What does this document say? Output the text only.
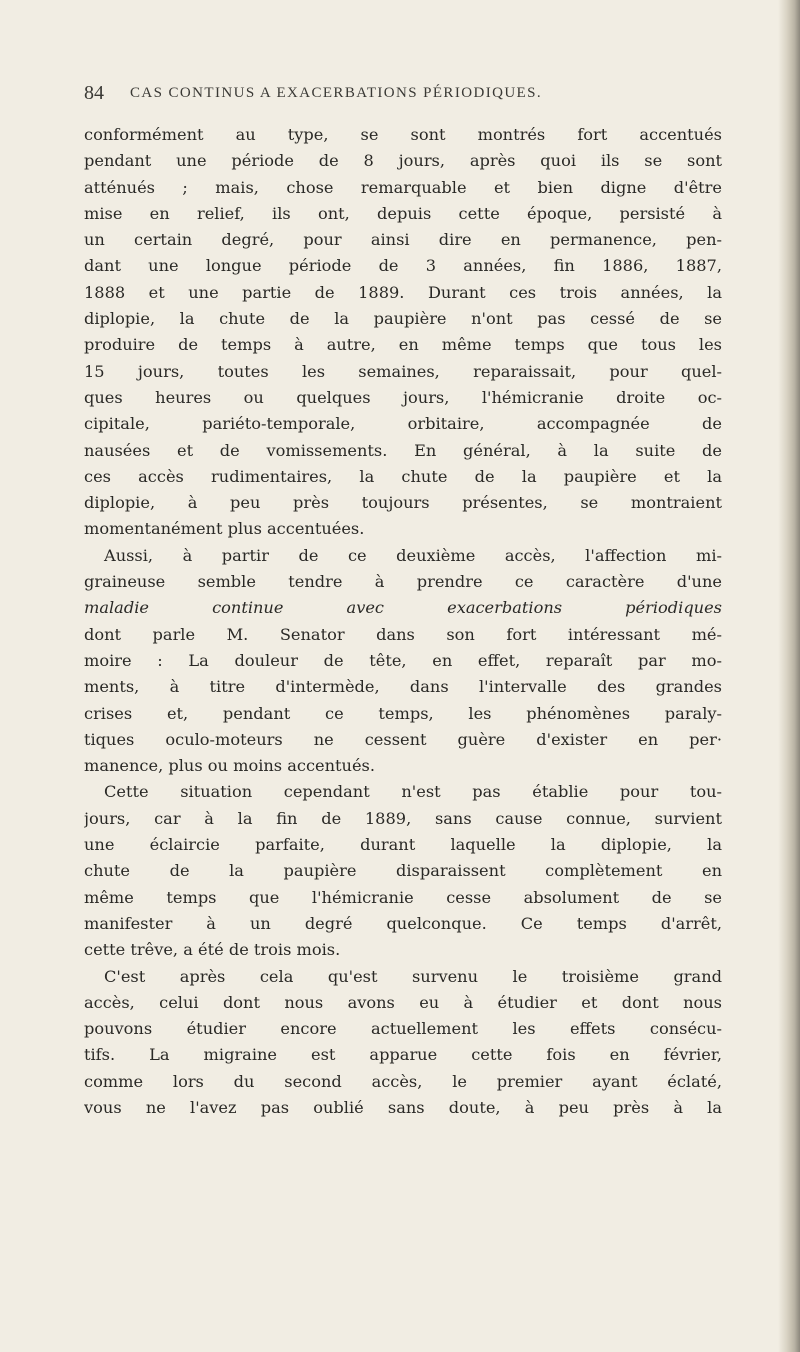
84 CAS CONTINUS A EXACERBATIONS PÉRIODIQUES.
conformément au type, se sont montrés fort accentués
pendant une période de 8 jours, après quoi ils se sont
atténués ; mais, chose remarquable et bien digne d'être
mise en relief, ils ont, depuis cette époque, persisté à
un certain degré, pour ainsi dire en permanence, pen-
dant une longue période de 3 années, fin 1886, 1887,
1888 et une partie de 1889. Durant ces trois années, la
diplopie, la chute de la paupière n'ont pas cessé de se
produire de temps à autre, en même temps que tous les
15 jours, toutes les semaines, reparaissait, pour quel-
ques heures ou quelques jours, l'hémicranie droite oc-
cipitale, pariéto-temporale, orbitaire, accompagnée de
nausées et de vomissements. En général, à la suite de
ces accès rudimentaires, la chute de la paupière et la
diplopie, à peu près toujours présentes, se montraient
momentanément plus accentuées.
Aussi, à partir de ce deuxième accès, l'affection mi-
graineuse semble tendre à prendre ce caractère d'une
maladie continue avec exacerbations périodiques
dont parle M. Senator dans son fort intéressant mé-
moire : La douleur de tête, en effet, reparaît par mo-
ments, à titre d'intermède, dans l'intervalle des grandes
crises et, pendant ce temps, les phénomènes paraly-
tiques oculo-moteurs ne cessent guère d'exister en per·
manence, plus ou moins accentués.
Cette situation cependant n'est pas établie pour tou-
jours, car à la fin de 1889, sans cause connue, survient
une éclaircie parfaite, durant laquelle la diplopie, la
chute de la paupière disparaissent complètement en
même temps que l'hémicranie cesse absolument de se
manifester à un degré quelconque. Ce temps d'arrêt,
cette trêve, a été de trois mois.
C'est après cela qu'est survenu le troisième grand
accès, celui dont nous avons eu à étudier et dont nous
pouvons étudier encore actuellement les effets consécu-
tifs. La migraine est apparue cette fois en février,
comme lors du second accès, le premier ayant éclaté,
vous ne l'avez pas oublié sans doute, à peu près à la
